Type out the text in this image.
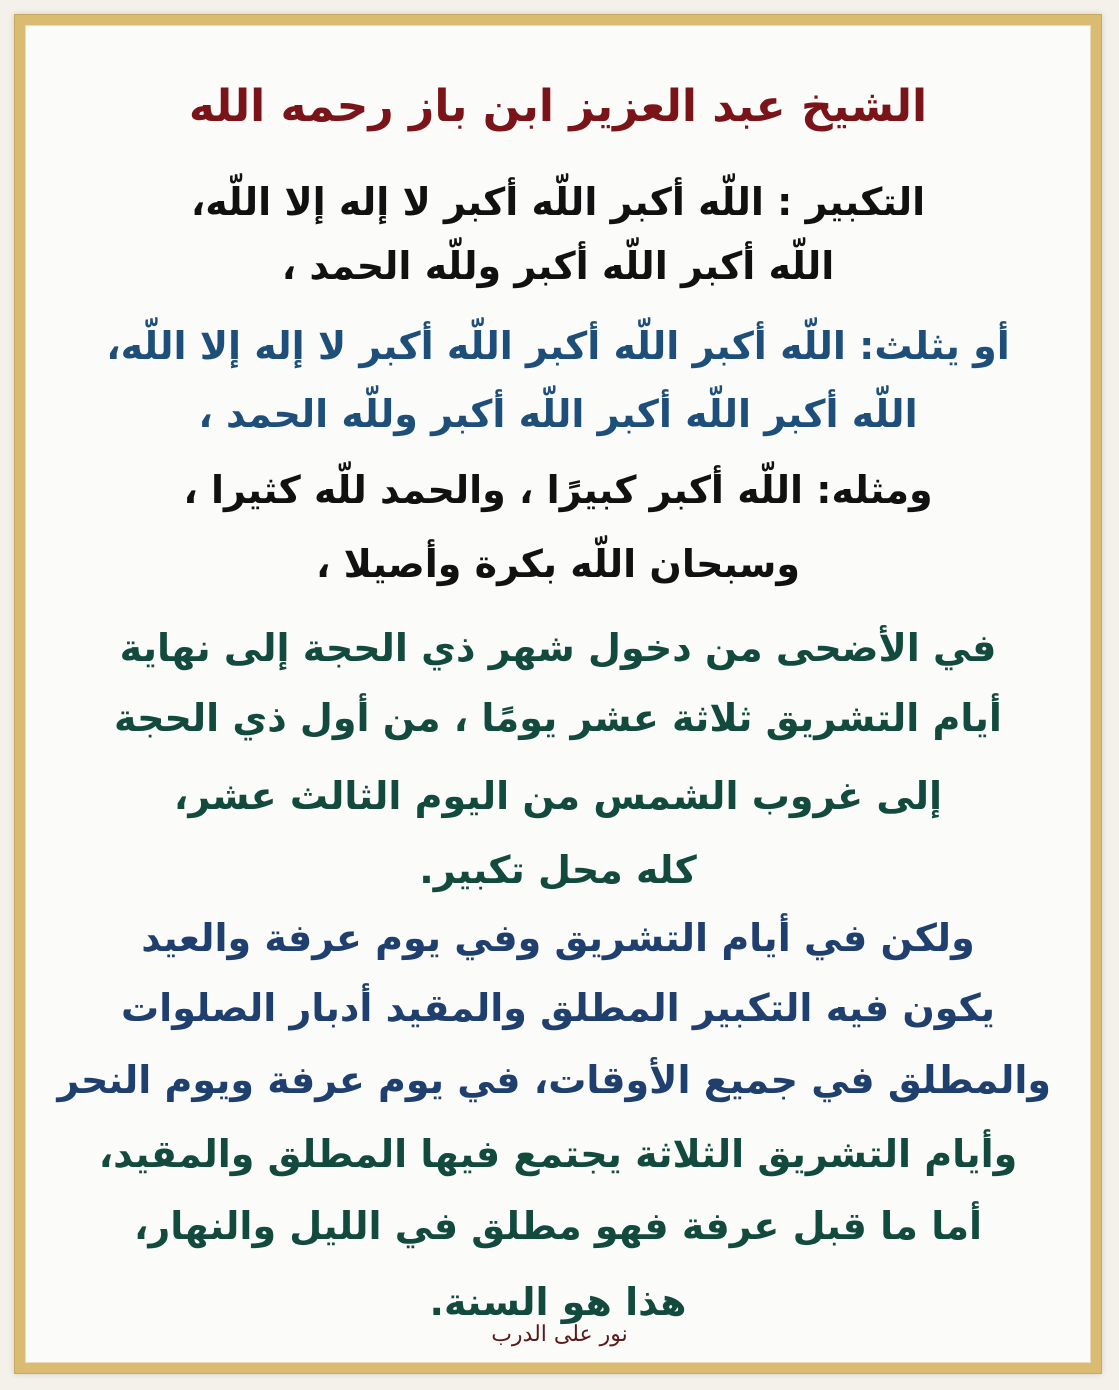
الشيخ عبد العزيز ابن باز رحمه الله
التكبير : اللّه أكبر اللّه أكبر لا إله إلا اللّه،
اللّه أكبر اللّه أكبر وللّه الحمد ،
أو يثلث: اللّه أكبر اللّه أكبر اللّه أكبر لا إله إلا اللّه،
اللّه أكبر اللّه أكبر اللّه أكبر وللّه الحمد ،
ومثله: اللّه أكبر كبيرًا ، والحمد للّه كثيرا ،
وسبحان اللّه بكرة وأصيلا ،
في الأضحى من دخول شهر ذي الحجة إلى نهاية
أيام التشريق ثلاثة عشر يومًا ، من أول ذي الحجة
إلى غروب الشمس من اليوم الثالث عشر،
كله محل تكبير.
ولكن في أيام التشريق وفي يوم عرفة والعيد
يكون فيه التكبير المطلق والمقيد أدبار الصلوات
والمطلق في جميع الأوقات، في يوم عرفة ويوم النحر
وأيام التشريق الثلاثة يجتمع فيها المطلق والمقيد،
أما ما قبل عرفة فهو مطلق في الليل والنهار،
هذا هو السنة.
نور على الدرب
